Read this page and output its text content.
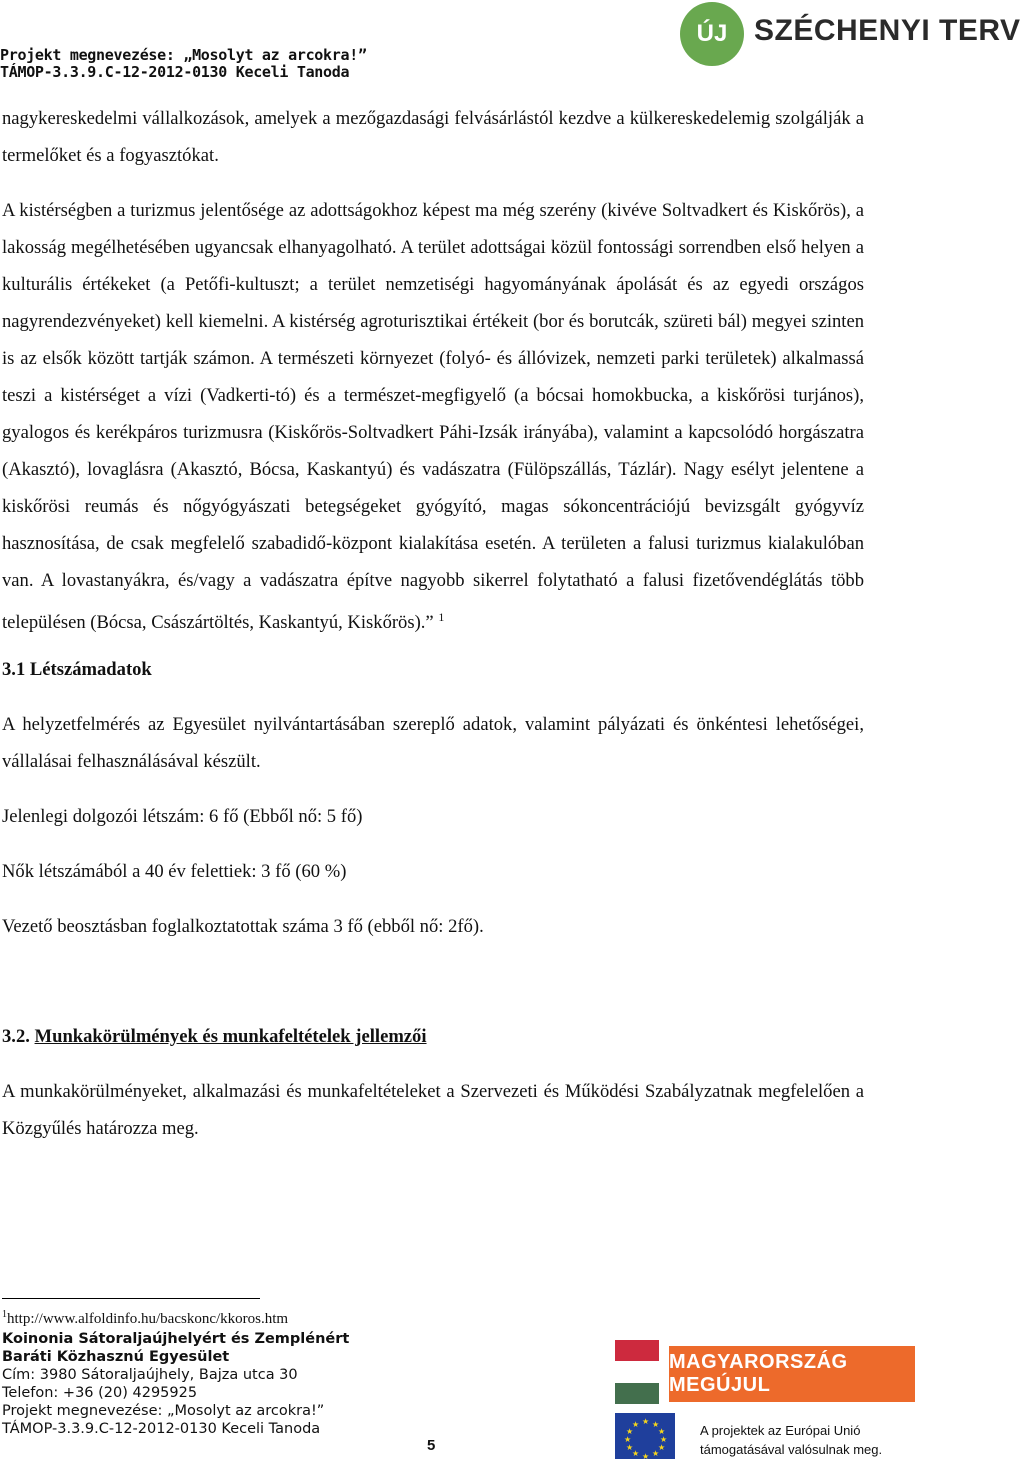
Projekt megnevezése: „Mosolyt az arcokra!”
TÁMOP-3.3.9.C-12-2012-0130 Keceli Tanoda
ÚJ SZÉCHENYI TERV

nagykereskedelmi vállalkozások, amelyek a mezőgazdasági felvásárlástól kezdve a külkereskedelemig szolgálják a termelőket és a fogyasztókat.

A kistérségben a turizmus jelentősége az adottságokhoz képest ma még szerény (kivéve Soltvadkert és Kiskőrös), a lakosság megélhetésében ugyancsak elhanyagolható. A terület adottságai közül fontossági sorrendben első helyen a kulturális értékeket (a Petőfi-kultuszt; a terület nemzetiségi hagyományának ápolását és az egyedi országos nagyrendezvényeket) kell kiemelni. A kistérség agroturisztikai értékeit (bor és borutcák, szüreti bál) megyei szinten is az elsők között tartják számon. A természeti környezet (folyó- és állóvizek, nemzeti parki területek) alkalmassá teszi a kistérséget a vízi (Vadkerti-tó) és a természet-megfigyelő (a bócsai homokbucka, a kiskőrösi turjános), gyalogos és kerékpáros turizmusra (Kiskőrös-Soltvadkert Páhi-Izsák irányába), valamint a kapcsolódó horgászatra (Akasztó), lovaglásra (Akasztó, Bócsa, Kaskantyú) és vadászatra (Fülöpszállás, Tázlár). Nagy esélyt jelentene a kiskőrösi reumás és nőgyógyászati betegségeket gyógyító, magas sókoncentrációjú bevizsgált gyógyvíz hasznosítása, de csak megfelelő szabadidő-központ kialakítása esetén. A területen a falusi turizmus kialakulóban van. A lovastanyákra, és/vagy a vadászatra építve nagyobb sikerrel folytatható a falusi fizetővendéglátás több településen (Bócsa, Császártöltés, Kaskantyú, Kiskőrös).” $^1$

3.1 Létszámadatok

A helyzetfelmérés az Egyesület nyilvántartásában szereplő adatok, valamint pályázati és önkéntesi lehetőségei, vállalásai felhasználásával készült.

Jelenlegi dolgozói létszám: 6 fő (Ebből nő: 5 fő)

Nők létszámából a 40 év felettiek: 3 fő (60 %)

Vezető beosztásban foglalkoztatottak száma 3 fő (ebből nő: 2fő).

3.2. Munkakörülmények és munkafeltételek jellemzői

A munkakörülményeket, alkalmazási és munkafeltételeket a Szervezeti és Működési Szabályzatnak megfelelően a Közgyűlés határozza meg.

$^1$http://www.alfoldinfo.hu/bacskonc/kkoros.htm
Koinonia Sátoraljaújhelyért és Zemplénért
Baráti Közhasznú Egyesület
Cím: 3980 Sátoraljaújhely, Bajza utca 30
Telefon: +36 (20) 4295925
Projekt megnevezése: „Mosolyt az arcokra!”
TÁMOP-3.3.9.C-12-2012-0130 Keceli Tanoda
5
MAGYARORSZÁG MEGÚJUL
★ ★
★
★
★
★
★
★
★
★
★
★	A projektek az Európai Unió
támogatásával valósulnak meg.
